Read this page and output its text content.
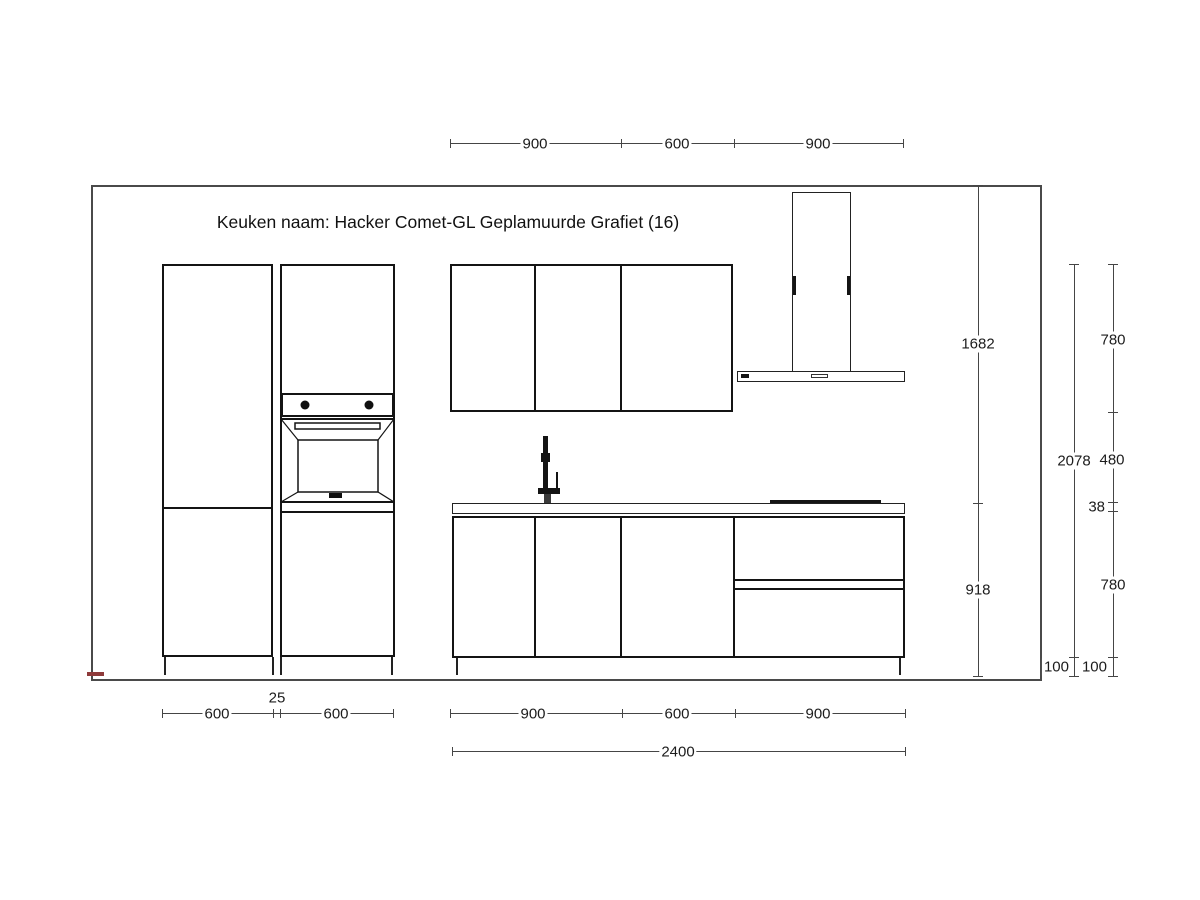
Keuken naam: Hacker Comet-GL Geplamuurde Grafiet (16)
900	600	900
600
25
600	900	600	900
2400
1682
918
2078
100
780
480
38
780
100
